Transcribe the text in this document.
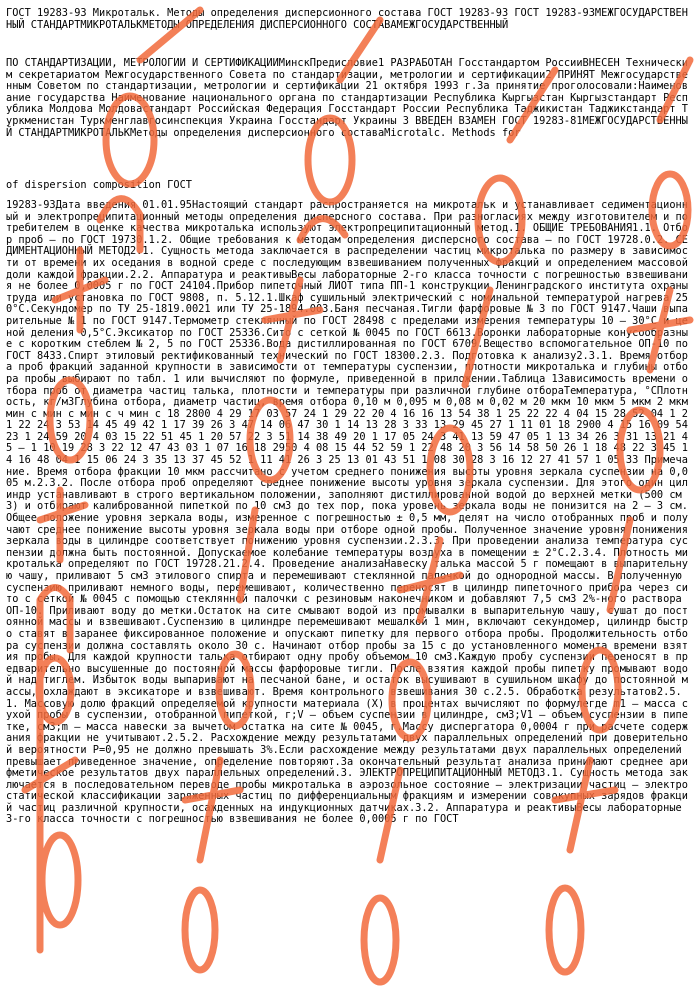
ГОСТ 19283-93 Микротальк. Методы определения дисперсионного состава ГОСТ 19283-93 ГОСТ 19283-93МЕЖГОСУДАРСТВЕННЫЙ СТАНДАРТМИКРОТАЛЬКМЕТОДЫ ОПРЕДЕЛЕНИЯ ДИСПЕРСИОННОГО СОСТАВАМЕЖГОСУДАРСТВЕННЫЙ

ПО СТАНДАРТИЗАЦИИ, МЕТРОЛОГИИ И СЕРТИФИКАЦИИМинскПредисловие1 РАЗРАБОТАН Госстандартом РоссииВНЕСЕН Техническим секретариатом Межгосударственного Совета по стандартизации, метрологии и сертификации2 ПРИНЯТ Межгосударственным Советом по стандартизации, метрологии и сертификации 21 октября 1993 г.За принятие проголосовали:Наименование государства Наименование национального органа по стандартизации Республика Кыргызстан Кыргызстандарт Республика Молдова Молдовастандарт Российская Федерация Госстандарт России Республика Таджикистан Таджикстандарт Туркменистан Туркменглавгосинспекция Украина Госстандарт Украины 3 ВВЕДЕН ВЗАМЕН ГОСТ 19283-81МЕЖГОСУДАРСТВЕННЫЙ СТАНДАРТМИКРОТАЛЬКМетоды определения дисперсионного составаMicrotalc. Methods for

of dispersion composition ГОСТ

19283-93Дата введения 01.01.95Настоящий стандарт распространяется на микротальк и устанавливает седиментационный и электропреципитационный методы определения дисперсного состава. При разногласиях между изготовителем и потребителем в оценке качества микроталька используют электропреципитационный метод.1. ОБЩИЕ ТРЕБОВАНИЯ1.1. Отбор проб — по ГОСТ 19730.1.2. Общие требования к методам определения дисперсного состава — по ГОСТ 19728.0.2. СЕДИМЕНТАЦИОННЫЙ МЕТОД2.1. Сущность метода заключается в распределении частиц микроталька по размеру в зависимости от времени их оседания в водной среде с последующим взвешиванием полученных фракций и определением массовой доли каждой фракции.2.2. Аппаратура и реактивыВесы лабораторные 2-го класса точности с погрешностью взвешивания не более 0,0005 г по ГОСТ 24104.Прибор пипеточный ЛИОТ типа ПП-1 конструкции Ленинградского института охраны труда или установка по ГОСТ 9808, п. 5.12.1.Шкаф сушильный электрический с номинальной температурой нагрева 250°С.Секундомер по ТУ 25-1819.0021 или ТУ 25-1894.003.Баня песчаная.Тигли фарфоровые № 3 по ГОСТ 9147.Чаши выпарительные № 1 по ГОСТ 9147.Термометр стеклянный по ГОСТ 28498 с пределами измерения температуры 10 — 30°С и ценой деления 0,5°С.Эксикатор по ГОСТ 25336.Сито с сеткой № 0045 по ГОСТ 6613.Воронки лабораторные конусообразные с коротким стеблем № 2, 5 по ГОСТ 25336.Вода дистиллированная по ГОСТ 6709.Вещество вспомогательное ОП-10 по ГОСТ 8433.Спирт этиловый ректификованный технический по ГОСТ 18300.2.3. Подготовка к анализу2.3.1. Время отбора проб фракций заданной крупности в зависимости от температуры суспензии, плотности микроталька и глубины отбора пробы выбирают по табл. 1 или вычисляют по формуле, приведенной в приложении.Таблица 1Зависимость времени отбора проб от диаметра частиц талька, плотности и температуры при различной глубине отбораТемпература, °СПлотность, кг/м3Глубина отбора, диаметр частиц, время отбора 0,10 м 0,095 м 0,08 м 0,02 м 20 мкм 10 мкм 5 мкм 2 мкм мин с мин с мин с ч мин с 18 2800 4 29 17 03 57 24 1 29 22 20 4 16 16 13 54 38 1 25 22 22 4 04 15 28 52 04 1 21 22 24 3 53 14 45 49 42 1 17 39 26 3 47 14 06 47 30 1 14 13 28 3 33 13 29 45 27 1 11 01 18 2900 4 15 16 09 54 23 1 24 59 20 4 03 15 22 51 45 1 20 57 22 3 51 14 38 49 20 1 17 05 24 3 41 13 59 47 05 1 13 34 26 3 31 13 21 45 — 1 10 19 28 3 22 12 47 43 03 1 07 16 18 2950 4 08 15 44 52 59 1 22 48 20 3 56 14 58 50 26 1 18 48 22 3 45 14 16 48 04 1 15 06 24 3 35 13 37 45 52 1 11 41 26 3 25 13 01 43 51 1 08 30 28 3 16 12 27 41 57 1 05 33 Примечание. Время отбора фракции 10 мкм рассчитано с учетом среднего понижения высоты уровня зеркала суспензии на 0,005 м.2.3.2. После отбора проб определяют среднее понижение высоты уровня зеркала суспензии. Для этого один цилиндр устанавливают в строго вертикальном положении, заполняют дистиллированной водой до верхней метки (500 см3) и отбирают калиброванной пипеткой по 10 см3 до тех пор, пока уровень зеркала воды не понизится на 2 — 3 см.Общее положение уровня зеркала воды, измеренное с погрешностью ± 0,5 мм, делят на число отобранных проб и получают среднее понижение высоты уровня зеркала воды при отборе одной пробы. Полученное значение уровня понижения зеркала воды в цилиндре соответствует понижению уровня суспензии.2.3.3. При проведении анализа температура суспензии должна быть постоянной. Допускаемое колебание температуры воздуха в помещении ± 2°С.2.3.4. Плотность микроталька определяют по ГОСТ 19728.21.2.4. Проведение анализаНавеску талька массой 5 г помещают в выпарительную чашу, приливают 5 см3 этилового спирта и перемешивают стеклянной палочкой до однородной массы. В полученную суспензию приливают немного воды, перемешивают, количественно переносят в цилиндр пипеточного прибора через сито с сеткой № 0045 с помощью стеклянной палочки с резиновым наконечником и добавляют 7,5 см3 2%-ного раствора ОП-10. Приливают воду до метки.Остаток на сите смывают водой из промывалки в выпарительную чашу, сушат до постоянной массы и взвешивают.Суспензию в цилиндре перемешивают мешалкой 1 мин, включают секундомер, цилиндр быстро ставят в заранее фиксированное положение и опускают пипетку для первого отбора пробы. Продолжительность отбора суспензии должна составлять около 30 с. Начинают отбор пробы за 15 с до установленного момента времени взятия пробы. Для каждой крупности талька отбирают одну пробу объемом 10 см3.Каждую пробу суспензии переносят в предварительно высушенные до постоянной массы фарфоровые тигли. После взятия каждой пробы пипетку промывают водой над тиглем. Избыток воды выпаривают на песчаной бане, и остаток высушивают в сушильном шкафу до постоянной массы, охлаждают в эксикаторе и взвешивают. Время контрольного взвешивания 30 с.2.5. Обработка результатов2.5.1. Массовую долю фракций определяемой крупности материала (X) в процентах вычисляют по формулегде m1 — масса сухой пробы в суспензии, отобранной пипеткой, г;V — объем суспензии в цилиндре, см3;V1 — объем суспензии в пипетке, см3;m — масса навески за вычетом остатка на сите № 0045, г.Массу диспергатора 0,0004 г при расчете содержания фракции не учитывают.2.5.2. Расхождение между результатами двух параллельных определений при доверительной вероятности Р=0,95 не должно превышать 3%.Если расхождение между результатами двух параллельных определений превышает приведенное значение, определение повторяют.За окончательный результат анализа принимают среднее арифметическое результатов двух параллельных определений.3. ЭЛЕКТРОПРЕЦИПИТАЦИОННЫЙ МЕТОД3.1. Сущность метода заключается в последовательном переводе пробы микроталька в аэрозольное состояние — электризации частиц — электростатической классификации заряженных частиц по дифференциальным фракциям и измерении совокупных зарядов фракций частиц различной крупности, осажденных на индукционных датчиках.3.2. Аппаратура и реактивыВесы лабораторные 3-го класса точности с погрешностью взвешивания не более 0,0005 г по ГОСТ
